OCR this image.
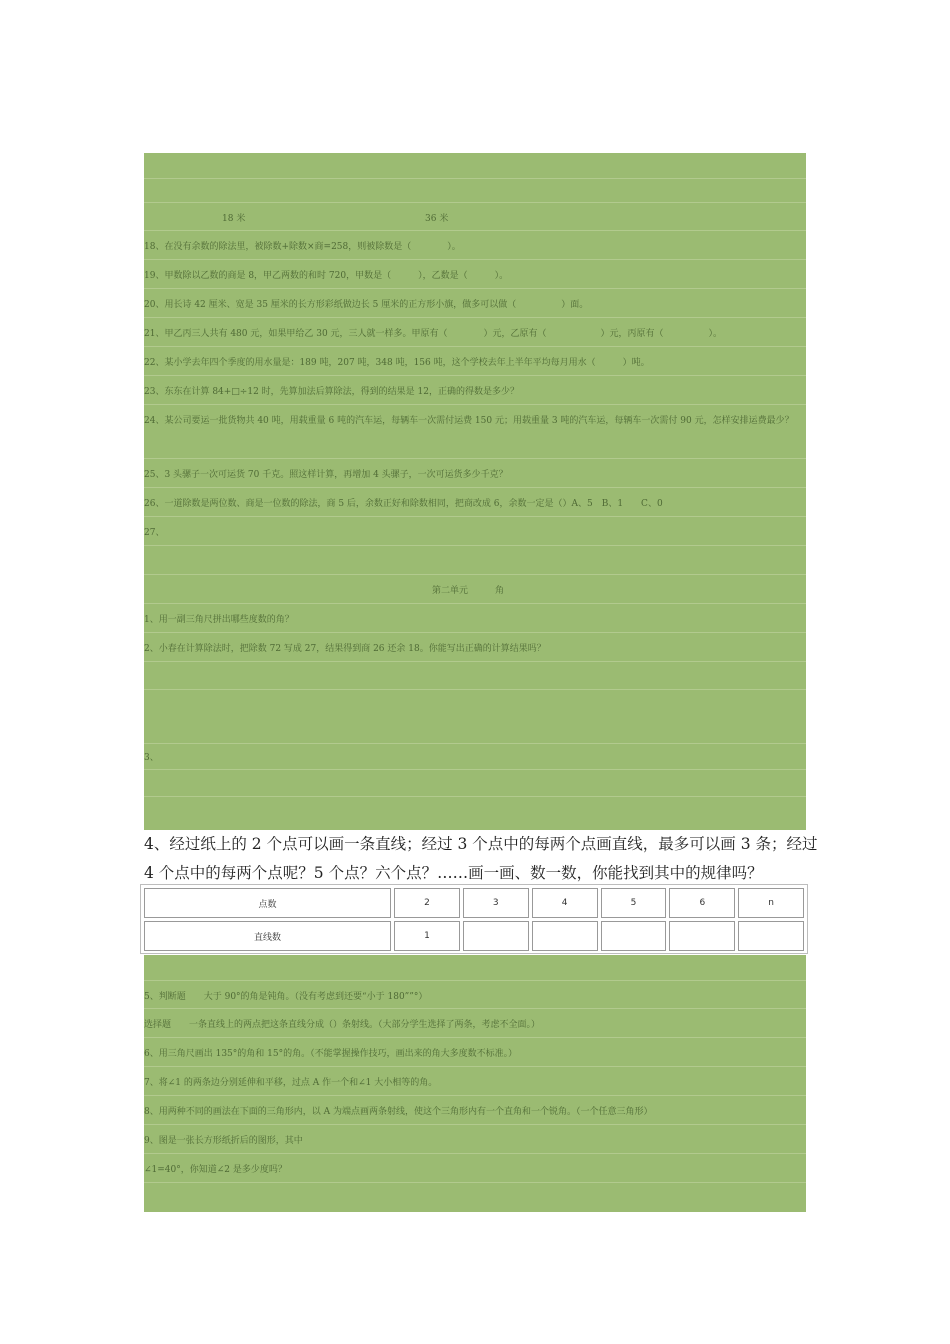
18 米	36 米
18、在没有余数的除法里，被除数+除数×商=258，则被除数是（　　　　）。
19、甲数除以乙数的商是 8，甲乙两数的和时 720，甲数是（　　　），乙数是（　　　）。
20、用长诗 42 厘米、宽是 35 厘米的长方形彩纸做边长 5 厘米的正方形小旗，做多可以做（　　　　　）面。
21、甲乙丙三人共有 480 元，如果甲给乙 30 元，三人就一样多。甲原有（　　　　）元，乙原有（　　　　　　）元，丙原有（　　　　　）。
22、某小学去年四个季度的用水量是：189 吨，207 吨，348 吨，156 吨，这个学校去年上半年平均每月用水（　　　）吨。
23、东东在计算 84+□÷12 时，先算加法后算除法，得到的结果是 12，正确的得数是多少？
24、某公司要运一批货物共 40 吨，用载重量 6 吨的汽车运，每辆车一次需付运费 150 元；用载重量 3 吨的汽车运，每辆车一次需付 90 元，怎样安排运费最少？
25、3 头骡子一次可运货 70 千克。照这样计算，再增加 4 头骡子，一次可运货多少千克？
26、一道除数是两位数、商是一位数的除法，商 5 后，余数正好和除数相同，把商改成 6，余数一定是（）A、5　B、1　　C、0
27、
第二单元　　　角
1、用一副三角尺拼出哪些度数的角？
2、小春在计算除法时，把除数 72 写成 27，结果得到商 26 还余 18。你能写出正确的计算结果吗？
3、
4、经过纸上的 2 个点可以画一条直线；经过 3 个点中的每两个点画直线，最多可以画 3 条；经过 4 个点中的每两个点呢？5 个点？六个点？……画一画、数一数，你能找到其中的规律吗？
点数	2	3	4	5	6	n
直线数	1					
5、判断题　　大于 90°的角是钝角。（没有考虑到还要“小于 180””°）
选择题　　一条直线上的两点把这条直线分成（）条射线。（大部分学生选择了两条，考虑不全面。）
6、用三角尺画出 135°的角和 15°的角。（不能掌握操作技巧，画出来的角大多度数不标准。）
7、将∠1 的两条边分别延伸和平移，过点 A 作一个和∠1 大小相等的角。
8、用两种不同的画法在下面的三角形内，以 A 为端点画两条射线，使这个三角形内有一个直角和一个锐角。（一个任意三角形）
9、图是一张长方形纸折后的图形，其中
∠1=40°，你知道∠2 是多少度吗？
